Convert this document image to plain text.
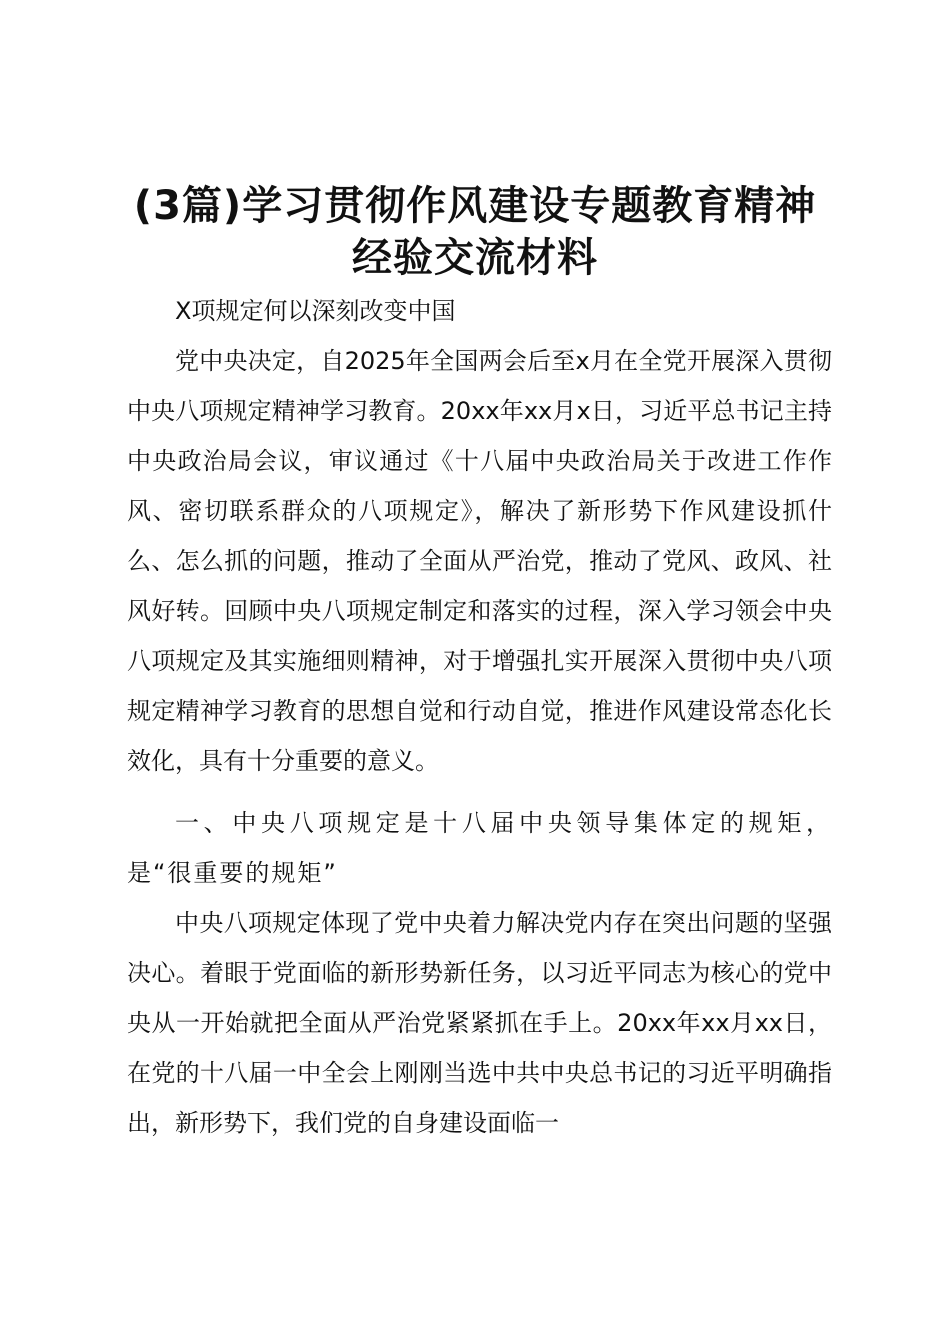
(3篇)学习贯彻作风建设专题教育精神
经验交流材料

X项规定何以深刻改变中国

党中央决定，自2025年全国两会后至x月在全党开展深入贯彻中央八项规定精神学习教育。20xx年xx月x日，习近平总书记主持中央政治局会议，审议通过《十八届中央政治局关于改进工作作风、密切联系群众的八项规定》，解决了新形势下作风建设抓什么、怎么抓的问题，推动了全面从严治党，推动了党风、政风、社风好转。回顾中央八项规定制定和落实的过程，深入学习领会中央八项规定及其实施细则精神，对于增强扎实开展深入贯彻中央八项规定精神学习教育的思想自觉和行动自觉，推进作风建设常态化长效化，具有十分重要的意义。

一、中央八项规定是十八届中央领导集体定的规矩，是“很重要的规矩”

中央八项规定体现了党中央着力解决党内存在突出问题的坚强决心。着眼于党面临的新形势新任务，以习近平同志为核心的党中央从一开始就把全面从严治党紧紧抓在手上。20xx年xx月xx日，在党的十八届一中全会上刚刚当选中共中央总书记的习近平明确指出，新形势下，我们党的自身建设面临一
